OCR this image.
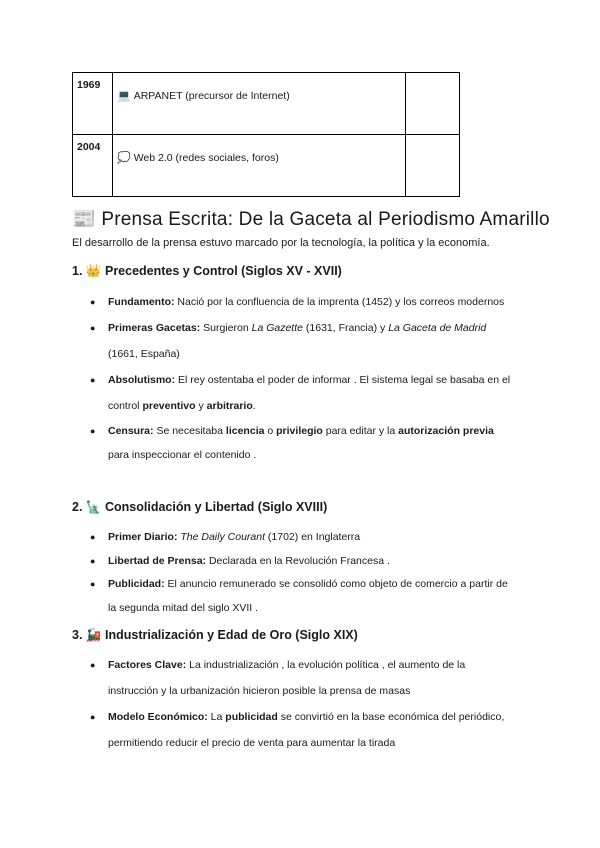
1969	💻 ARPANET (precursor de Internet)	
2004	💭 Web 2.0 (redes sociales, foros)	
📰 Prensa Escrita: De la Gaceta al Periodismo Amarillo

El desarrollo de la prensa estuvo marcado por la tecnología, la política y la economía.

1. 👑 Precedentes y Control (Siglos XV - XVII)
● Fundamento: Nació por la confluencia de la imprenta (1452) y los correos modernos
● Primeras Gacetas: Surgieron La Gazette (1631, Francia) y La Gaceta de Madrid (1661, España)
● Absolutismo: El rey ostentaba el poder de informar . El sistema legal se basaba en el control preventivo y arbitrario.
● Censura: Se necesitaba licencia o privilegio para editar y la autorización previa para inspeccionar el contenido .
2. 🗽 Consolidación y Libertad (Siglo XVIII)
● Primer Diario: The Daily Courant (1702) en Inglaterra
● Libertad de Prensa: Declarada en la Revolución Francesa .
● Publicidad: El anuncio remunerado se consolidó como objeto de comercio a partir de la segunda mitad del siglo XVII .
3. 🚂 Industrialización y Edad de Oro (Siglo XIX)
● Factores Clave: La industrialización , la evolución política , el aumento de la instrucción y la urbanización hicieron posible la prensa de masas
● Modelo Económico: La publicidad se convirtió en la base económica del periódico, permitiendo reducir el precio de venta para aumentar la tirada
